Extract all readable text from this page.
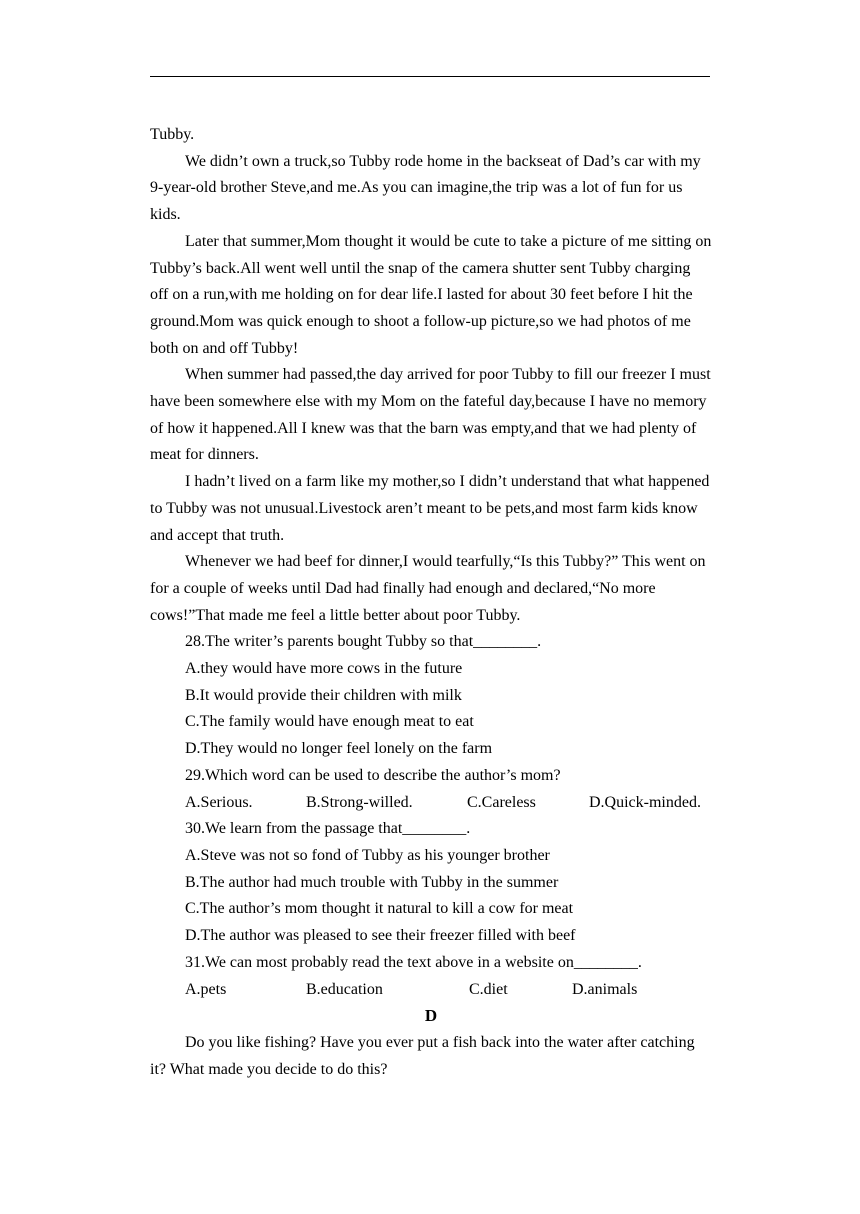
Tubby.

We didn’t own a truck,so Tubby rode home in the backseat of Dad’s car with my 9-year-old brother Steve,and me.As you can imagine,the trip was a lot of fun for us kids.

Later that summer,Mom thought it would be cute to take a picture of me sitting on Tubby’s back.All went well until the snap of the camera shutter sent Tubby charging off on a run,with me holding on for dear life.I lasted for about 30 feet before I hit the ground.Mom was quick enough to shoot a follow-up picture,so we had photos of me both on and off Tubby!

When summer had passed,the day arrived for poor Tubby to fill our freezer I must have been somewhere else with my Mom on the fateful day,because I have no memory of how it happened.All I knew was that the barn was empty,and that we had plenty of meat for dinners.

I hadn’t lived on a farm like my mother,so I didn’t understand that what happened to Tubby was not unusual.Livestock aren’t meant to be pets,and most farm kids know and accept that truth.

Whenever we had beef for dinner,I would tearfully,“Is this Tubby?” This went on for a couple of weeks until Dad had finally had enough and declared,“No more cows!”That made me feel a little better about poor Tubby.

28.The writer’s parents bought Tubby so that________.

A.they would have more cows in the future

B.It would provide their children with milk

C.The family would have enough meat to eat

D.They would no longer feel lonely on the farm

29.Which word can be used to describe the author’s mom?

A.Serious.	B.Strong-willed.	C.Careless	D.Quick-minded.

30.We learn from the passage that________.

A.Steve was not so fond of Tubby as his younger brother

B.The author had much trouble with Tubby in the summer

C.The author’s mom thought it natural to kill a cow for meat

D.The author was pleased to see their freezer filled with beef

31.We can most probably read the text above in a website on________.

A.pets	B.education	C.diet	D.animals

D

Do you like fishing? Have you ever put a fish back into the water after catching it? What made you decide to do this?
